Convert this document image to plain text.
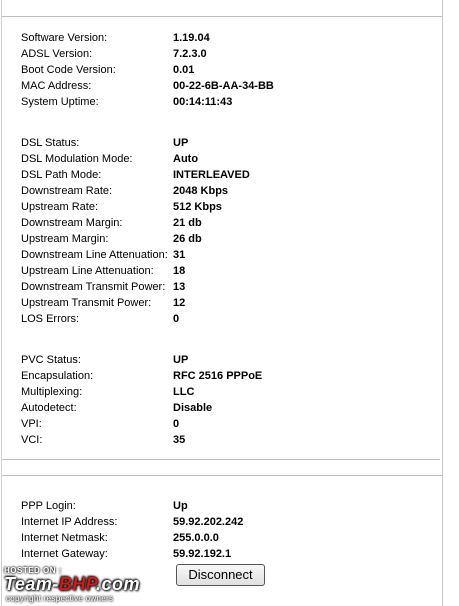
Software Version:	1.19.04
ADSL Version:	7.2.3.0
Boot Code Version:	0.01
MAC Address:	00-22-6B-AA-34-BB
System Uptime:	00:14:11:43
DSL Status:	UP
DSL Modulation Mode:	Auto
DSL Path Mode:	INTERLEAVED
Downstream Rate:	2048 Kbps
Upstream Rate:	512 Kbps
Downstream Margin:	21 db
Upstream Margin:	26 db
Downstream Line Attenuation: 31
Upstream Line Attenuation: 18
Downstream Transmit Power: 13
Upstream Transmit Power: 12
LOS Errors:	0
PVC Status:	UP
Encapsulation:	RFC 2516 PPPoE
Multiplexing:	LLC
Autodetect:	Disable
VPI:	0
VCI:	35
PPP Login:	Up
Internet IP Address:	59.92.202.242
Internet Netmask:	255.0.0.0
Internet Gateway:	59.92.192.1
Disconnect
HOSTED ON :
Team-BHP.com
copyright respective owners
